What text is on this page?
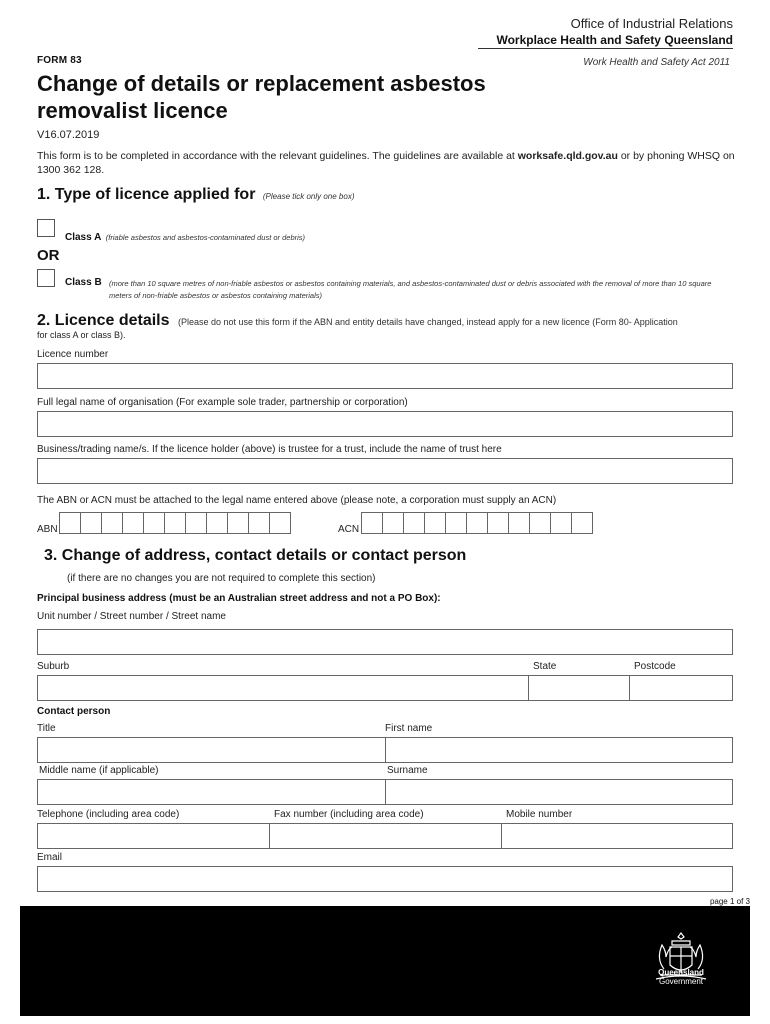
Office of Industrial Relations
Workplace Health and Safety Queensland
FORM 83	Work Health and Safety Act 2011
Change of details or replacement asbestos removalist licence
V16.07.2019
This form is to be completed in accordance with the relevant guidelines. The guidelines are available at worksafe.qld.gov.au or by phoning WHSQ on 1300 362 128.
1. Type of licence applied for (Please tick only one box)
Class A (friable asbestos and asbestos-contaminated dust or debris)
OR
Class B (more than 10 square metres of non-friable asbestos or asbestos containing materials, and asbestos-contaminated dust or debris associated with the removal of more than 10 square meters of non-friable asbestos or asbestos containing materials)
2. Licence details (Please do not use this form if the ABN and entity details have changed, instead apply for a new licence (Form 80- Application
for class A or class B).
Licence number
Full legal name of organisation (For example sole trader, partnership or corporation)
Business/trading name/s. If the licence holder (above) is trustee for a trust, include the name of trust here
The ABN or ACN must be attached to the legal name entered above (please note, a corporation must supply an ACN)
ABN	ACN
3. Change of address, contact details or contact person
(if there are no changes you are not required to complete this section)
Principal business address (must be an Australian street address and not a PO Box):
Unit number / Street number / Street name
Suburb	State	Postcode
Contact person
Title	First name
Middle name (if applicable)	Surname
Telephone (including area code)	Fax number (including area code)	Mobile number
Email
page 1 of 3
Queensland
Government
